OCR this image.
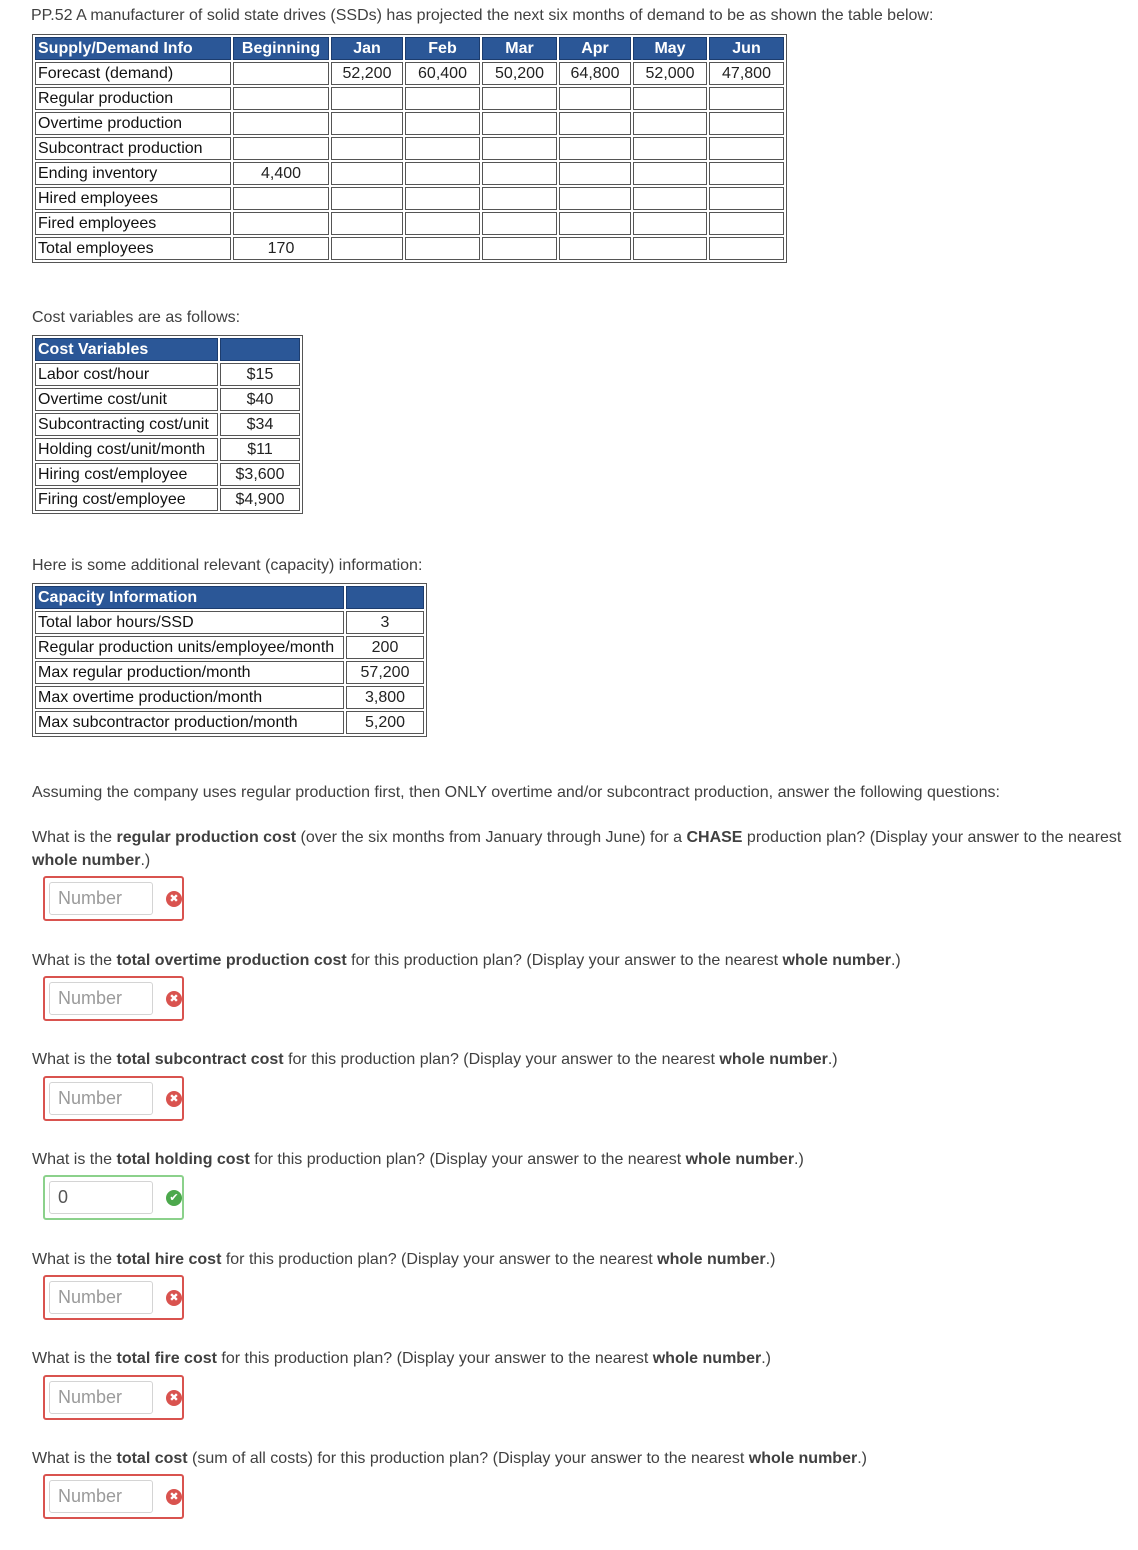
PP.52 A manufacturer of solid state drives (SSDs) has projected the next six months of demand to be as shown the table below:

Supply/Demand Info	Beginning	Jan	Feb	Mar	Apr	May	Jun
Forecast (demand)		52,200	60,400	50,200	64,800	52,000	47,800
Regular production							
Overtime production							
Subcontract production							
Ending inventory	4,400						
Hired employees							
Fired employees							
Total employees	170						

Cost variables are as follows:

Cost Variables	
Labor cost/hour	$15
Overtime cost/unit	$40
Subcontracting cost/unit	$34
Holding cost/unit/month	$11
Hiring cost/employee	$3,600
Firing cost/employee	$4,900

Here is some additional relevant (capacity) information:

Capacity Information	
Total labor hours/SSD	3
Regular production units/employee/month	200
Max regular production/month	57,200
Max overtime production/month	3,800
Max subcontractor production/month	5,200

Assuming the company uses regular production first, then ONLY overtime and/or subcontract production, answer the following questions:

What is the regular production cost (over the six months from January through June) for a CHASE production plan? (Display your answer to the nearest whole number.)

Number
✖

What is the total overtime production cost for this production plan? (Display your answer to the nearest whole number.)

Number
✖

What is the total subcontract cost for this production plan? (Display your answer to the nearest whole number.)

Number
✖

What is the total holding cost for this production plan? (Display your answer to the nearest whole number.)

0
✔

What is the total hire cost for this production plan? (Display your answer to the nearest whole number.)

Number
✖

What is the total fire cost for this production plan? (Display your answer to the nearest whole number.)

Number
✖

What is the total cost (sum of all costs) for this production plan? (Display your answer to the nearest whole number.)

Number
✖
